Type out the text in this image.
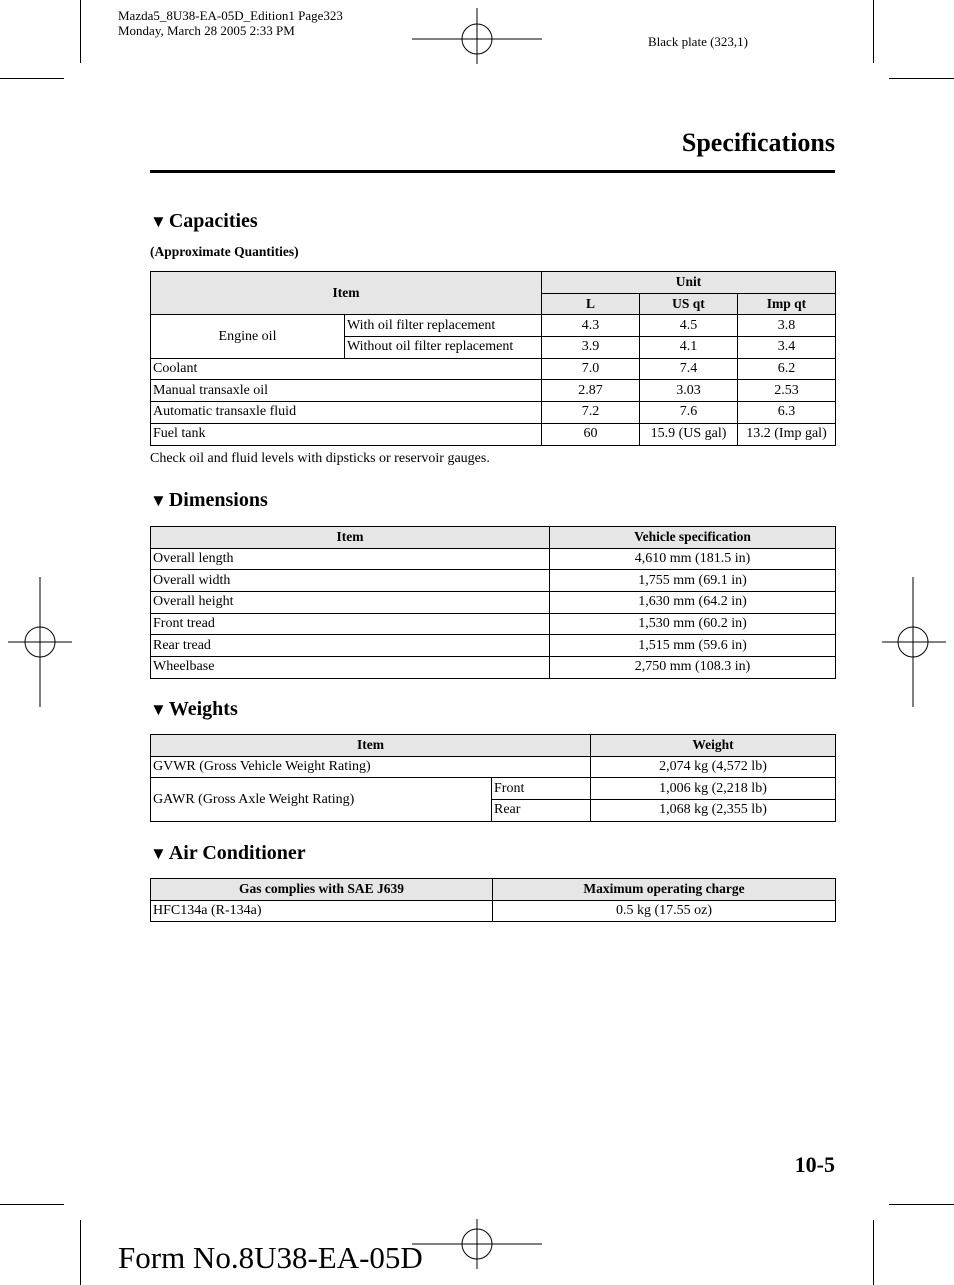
Mazda5_8U38-EA-05D_Edition1 Page323
Monday, March 28 2005 2:33 PM
Black plate (323,1)
Specifications
▼ Capacities
(Approximate Quantities)
Item		Unit		
		L	US qt	Imp qt
Engine oil	With oil filter replacement	4.3	4.5	3.8
	Without oil filter replacement	3.9	4.1	3.4
Coolant		7.0	7.4	6.2
Manual transaxle oil		2.87	3.03	2.53
Automatic transaxle fluid		7.2	7.6	6.3
Fuel tank		60	15.9 (US gal)	13.2 (Imp gal)
Check oil and fluid levels with dipsticks or reservoir gauges.
▼ Dimensions
Item	Vehicle specification
Overall length	4,610 mm (181.5 in)
Overall width	1,755 mm (69.1 in)
Overall height	1,630 mm (64.2 in)
Front tread	1,530 mm (60.2 in)
Rear tread	1,515 mm (59.6 in)
Wheelbase	2,750 mm (108.3 in)
▼ Weights
Item		Weight
GVWR (Gross Vehicle Weight Rating)		2,074 kg (4,572 lb)
GAWR (Gross Axle Weight Rating)	Front	1,006 kg (2,218 lb)
	Rear	1,068 kg (2,355 lb)
▼ Air Conditioner
Gas complies with SAE J639	Maximum operating charge
HFC134a (R-134a)	0.5 kg (17.55 oz)
10-5
Form No.8U38-EA-05D
